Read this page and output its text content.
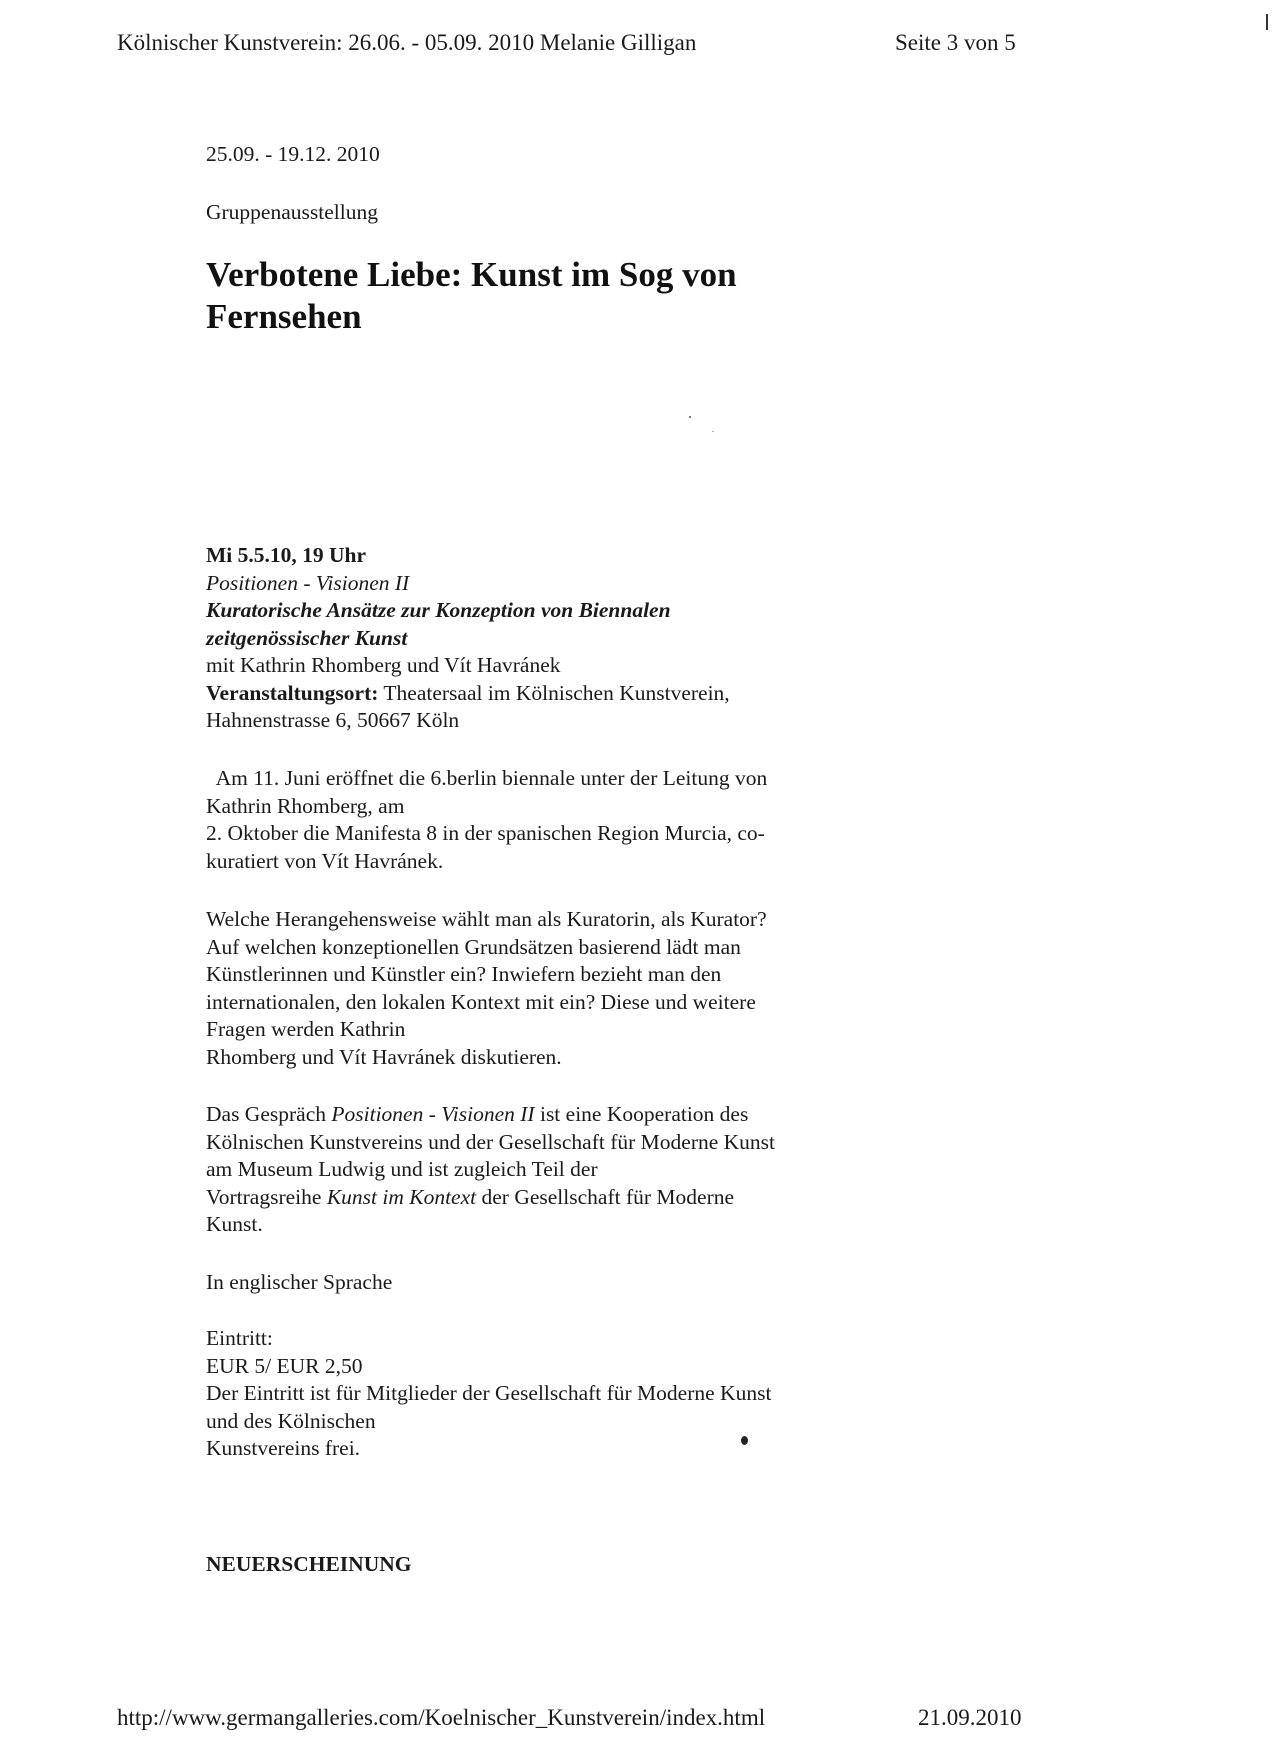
Kölnischer Kunstverein: 26.06. - 05.09. 2010 Melanie Gilligan	Seite 3 von 5
25.09. - 19.12. 2010
Gruppenausstellung
Verbotene Liebe: Kunst im Sog von
Fernsehen
Mi 5.5.10, 19 Uhr
Positionen - Visionen II
Kuratorische Ansätze zur Konzeption von Biennalen
zeitgenössischer Kunst
mit Kathrin Rhomberg und Vít Havránek
Veranstaltungsort: Theatersaal im Kölnischen Kunstverein,
Hahnenstrasse 6, 50667 Köln
Am 11. Juni eröffnet die 6.berlin biennale unter der Leitung von
Kathrin Rhomberg, am
2. Oktober die Manifesta 8 in der spanischen Region Murcia, co-
kuratiert von Vít Havránek.
Welche Herangehensweise wählt man als Kuratorin, als Kurator?
Auf welchen konzeptionellen Grundsätzen basierend lädt man
Künstlerinnen und Künstler ein? Inwiefern bezieht man den
internationalen, den lokalen Kontext mit ein? Diese und weitere
Fragen werden Kathrin
Rhomberg und Vít Havránek diskutieren.
Das Gespräch Positionen - Visionen II ist eine Kooperation des
Kölnischen Kunstvereins und der Gesellschaft für Moderne Kunst
am Museum Ludwig und ist zugleich Teil der
Vortragsreihe Kunst im Kontext der Gesellschaft für Moderne
Kunst.
In englischer Sprache
Eintritt:
EUR 5/ EUR 2,50
Der Eintritt ist für Mitglieder der Gesellschaft für Moderne Kunst
und des Kölnischen
Kunstvereins frei.
NEUERSCHEINUNG
http://www.germangalleries.com/Koelnischer_Kunstverein/index.html	21.09.2010
